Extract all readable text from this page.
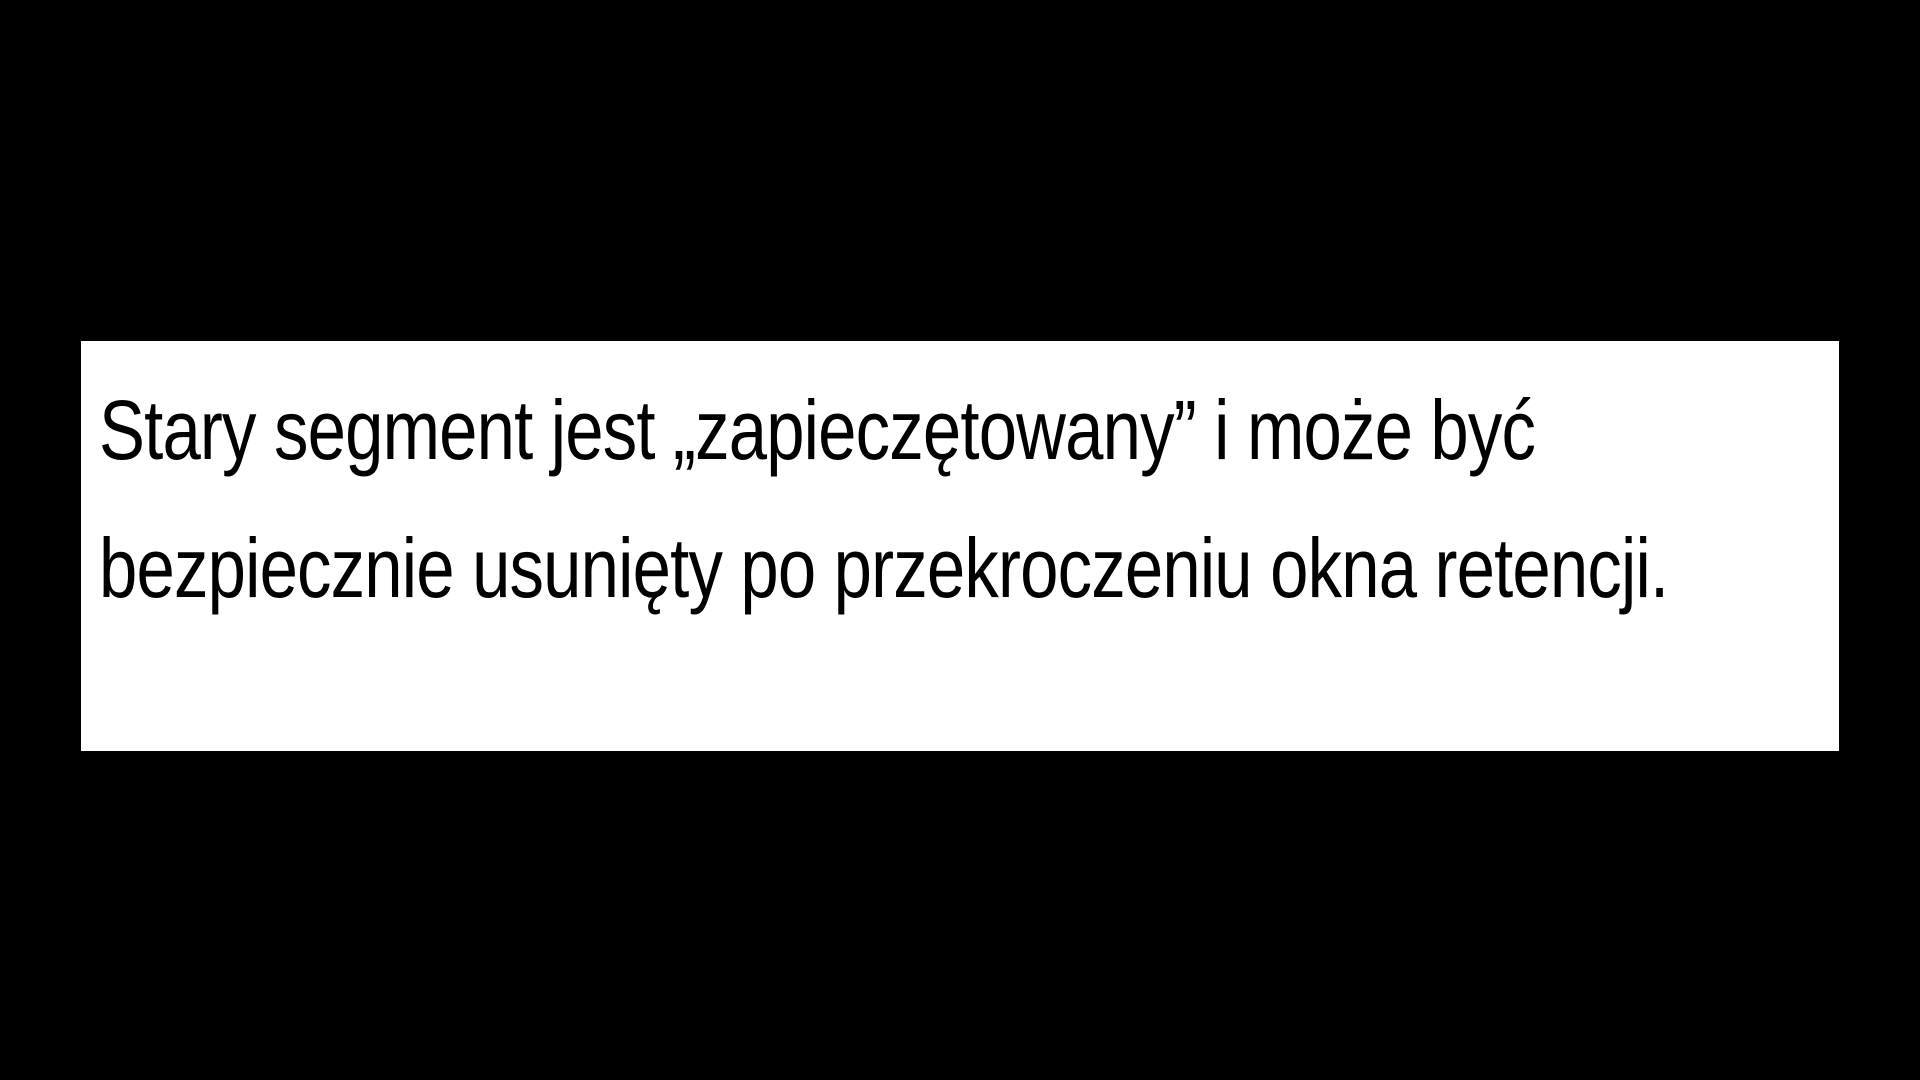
Stary segment jest „zapieczętowany” i może być bezpiecznie usunięty po przekroczeniu okna retencji.
